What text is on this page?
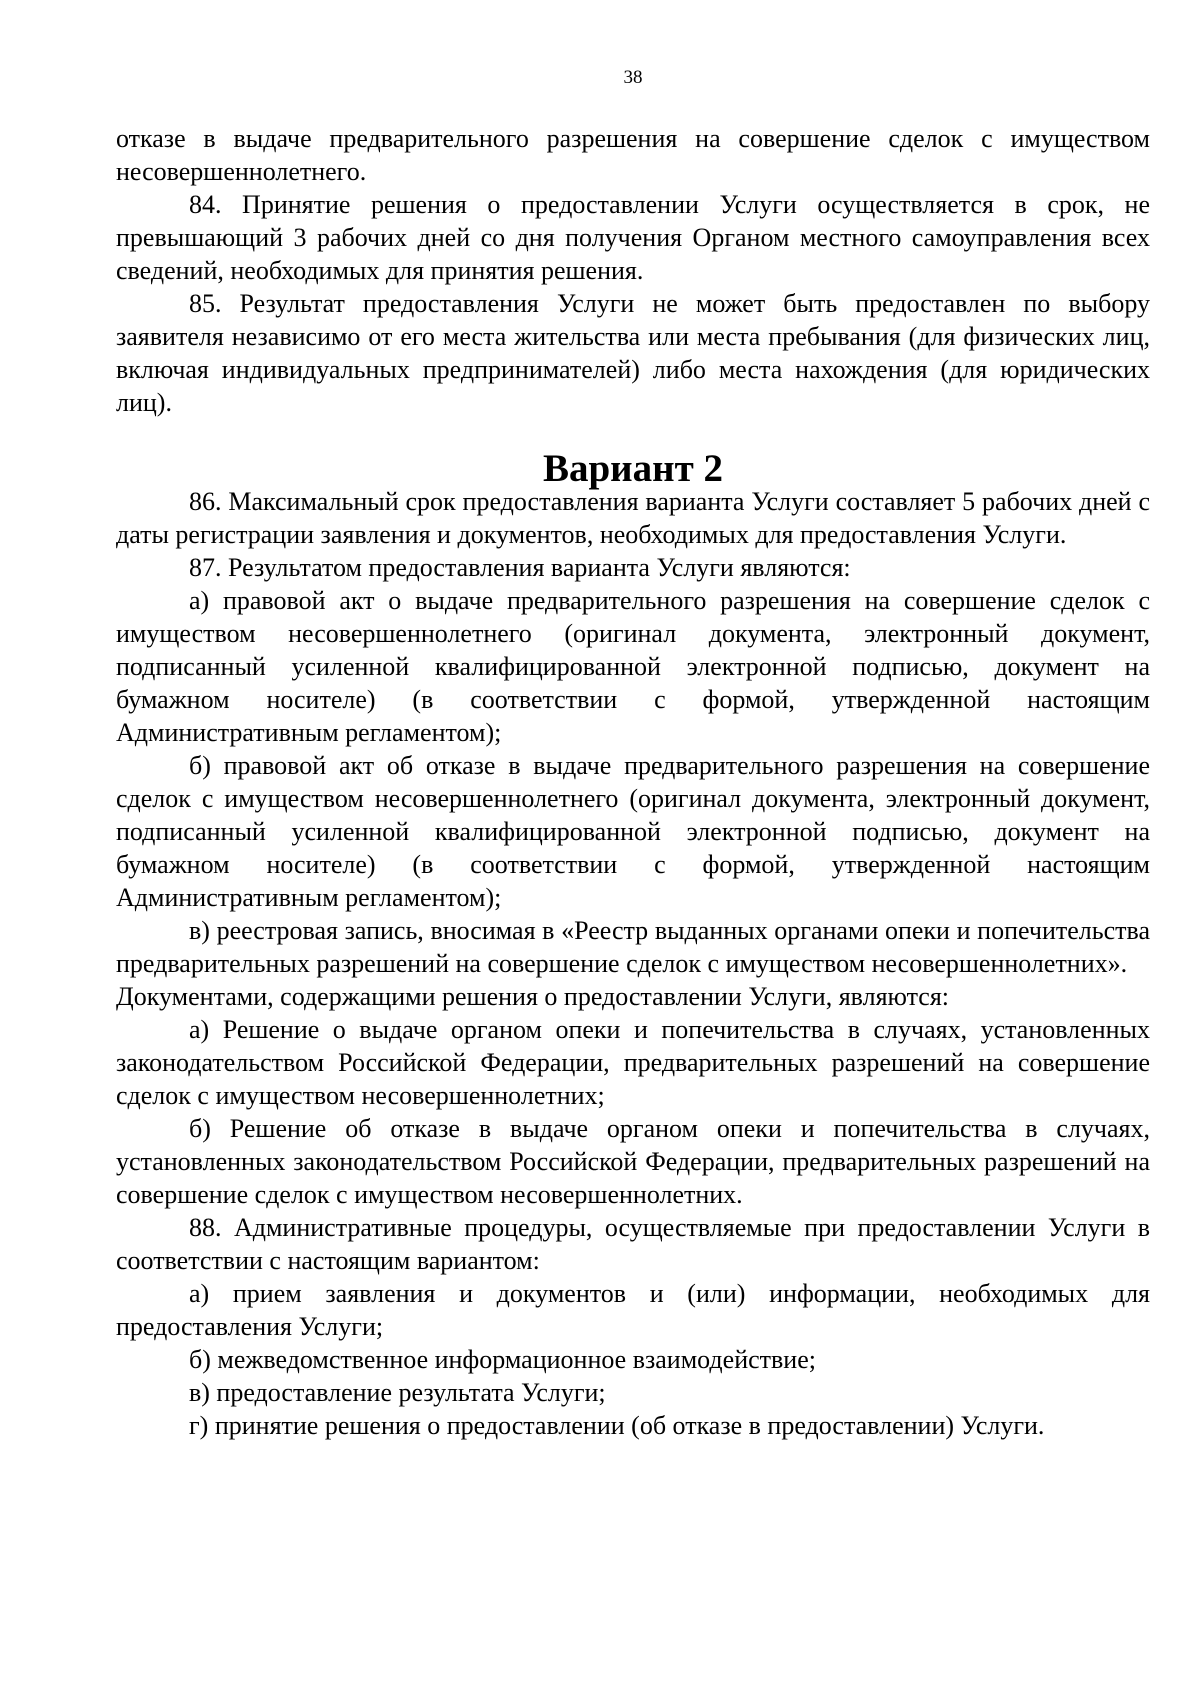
38

отказе в выдаче предварительного разрешения на совершение сделок с имуществом несовершеннолетнего.

84. Принятие решения о предоставлении Услуги осуществляется в срок, не превышающий 3 рабочих дней со дня получения Органом местного самоуправления всех сведений, необходимых для принятия решения.

85. Результат предоставления Услуги не может быть предоставлен по выбору заявителя независимо от его места жительства или места пребывания (для физических лиц, включая индивидуальных предпринимателей) либо места нахождения (для юридических лиц).

Вариант 2

86. Максимальный срок предоставления варианта Услуги составляет 5 рабочих дней с даты регистрации заявления и документов, необходимых для предоставления Услуги.

87. Результатом предоставления варианта Услуги являются:

а) правовой акт о выдаче предварительного разрешения на совершение сделок с имуществом несовершеннолетнего (оригинал документа, электронный документ, подписанный усиленной квалифицированной электронной подписью, документ на бумажном носителе) (в соответствии с формой, утвержденной настоящим Административным регламентом);

б) правовой акт об отказе в выдаче предварительного разрешения на совершение сделок с имуществом несовершеннолетнего (оригинал документа, электронный документ, подписанный усиленной квалифицированной электронной подписью, документ на бумажном носителе) (в соответствии с формой, утвержденной настоящим Административным регламентом);

в) реестровая запись, вносимая в «Реестр выданных органами опеки и попечительства предварительных разрешений на совершение сделок с имуществом несовершеннолетних».

Документами, содержащими решения о предоставлении Услуги, являются:

а) Решение о выдаче органом опеки и попечительства в случаях, установленных законодательством Российской Федерации, предварительных разрешений на совершение сделок с имуществом несовершеннолетних;

б) Решение об отказе в выдаче органом опеки и попечительства в случаях, установленных законодательством Российской Федерации, предварительных разрешений на совершение сделок с имуществом несовершеннолетних.

88. Административные процедуры, осуществляемые при предоставлении Услуги в соответствии с настоящим вариантом:

а) прием заявления и документов и (или) информации, необходимых для предоставления Услуги;

б) межведомственное информационное взаимодействие;

в) предоставление результата Услуги;

г) принятие решения о предоставлении (об отказе в предоставлении) Услуги.
